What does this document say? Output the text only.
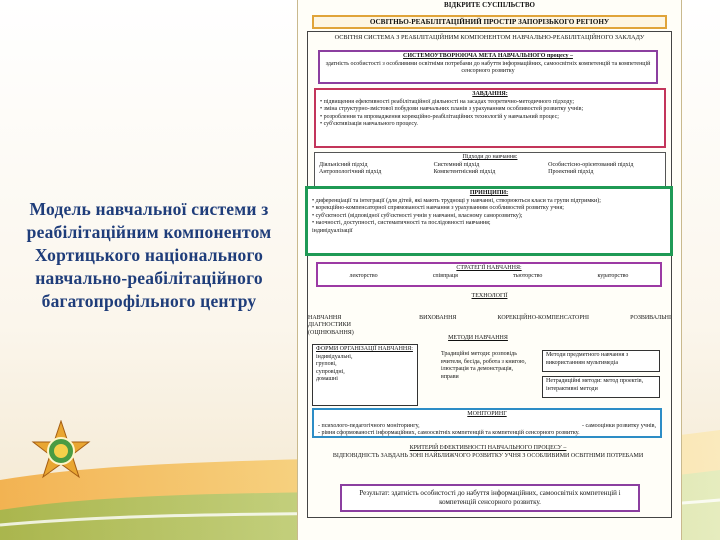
Модель навчальної системи з реабілітаційним компонентом Хортицького національного навчально-реабілітаційного багатопрофільного центру
ВІДКРИТЕ СУСПІЛЬСТВО
ОСВІТНЬО-РЕАБІЛІТАЦІЙНИЙ ПРОСТІР ЗАПОРІЗЬКОГО РЕГІОНУ
ОСВІТНЯ СИСТЕМА З РЕАБІЛІТАЦІЙНИМ КОМПОНЕНТОМ НАВЧАЛЬНО-РЕАБІЛІТАЦІЙНОГО ЗАКЛАДУ
СИСТЕМОУТВОРЮЮЧА МЕТА НАВЧАЛЬНОГО процесу –
здатність особистості з особливими освітніми потребами до набуття інформаційних, самоосвітніх компетенцій та компетенцій сенсорного розвитку
ЗАВДАННЯ:
• підвищення ефективності реабілітаційної діяльності на засадах теоретично-методичного підходу;
• зміна структурно-змістової побудови навчальних планів з урахуванням особливостей розвитку учнів;
• розроблення та впровадження корекційно-реабілітаційних технологій у навчальний процес;
• суб'єктивізація навчального процесу.
Підходи до навчання:
Діяльнісний підхід	Системний підхід	Особистісно-орієнтований підхід
Антропологічний підхід	Компетентнісний підхід	Проектний підхід
ПРИНЦИПИ:
• диференціації та інтеграції (для дітей, які мають труднощі у навчанні, створюються класи та групи підтримки);
• корекційно-компенсаторної спрямованості навчання з урахуванням особливостей розвитку учня;
• суб'єктності (відповідної суб'єктності учнів у навчанні, власному саморозвитку);
• наочності, доступності, систематичності та послідовності навчання;
індивідуалізації
СТРАТЕГІЇ НАВЧАННЯ:
лекторство	співпраця	тьюторство	кураторство
ТЕХНОЛОГІЇ
НАВЧАННЯ ДІАГНОСТИКИ (ОЦІНЮВАННЯ)
ВИХОВАННЯ	КОРЕКЦІЙНО-КОМПЕНСАТОРНІ	РОЗВИВАЛЬНІ
МЕТОДИ НАВЧАННЯ
ФОРМИ ОРГАНІЗАЦІЇ НАВЧАННЯ:
індивідуальні,
групові,
супровідні,
домашні
Традиційні методи: розповідь вчителя, бесіда, робота з книгою, ілюстрація та демонстрація, вправи
Методи предметного навчання з використанням мультимедіа
Нетрадиційні методи: метод проектів, інтерактивні методи
МОНІТОРИНГ
- психолого-педагогічного моніторингу,	- самооцінки розвитку учнів,
- рівня сформованості інформаційних, самоосвітніх компетенцій та компетенцій сенсорного розвитку.
КРИТЕРІЙ ЕФЕКТИВНОСТІ НАВЧАЛЬНОГО ПРОЦЕСУ –
ВІДПОВІДНІСТЬ ЗАВДАНЬ ЗОНІ НАЙБЛИЖЧОГО РОЗВИТКУ УЧНЯ З ОСОБЛИВИМИ ОСВІТНІМИ ПОТРЕБАМИ
Результат: здатність особистості до набуття інформаційних, самоосвітніх компетенцій і компетенцій сенсорного розвитку.
